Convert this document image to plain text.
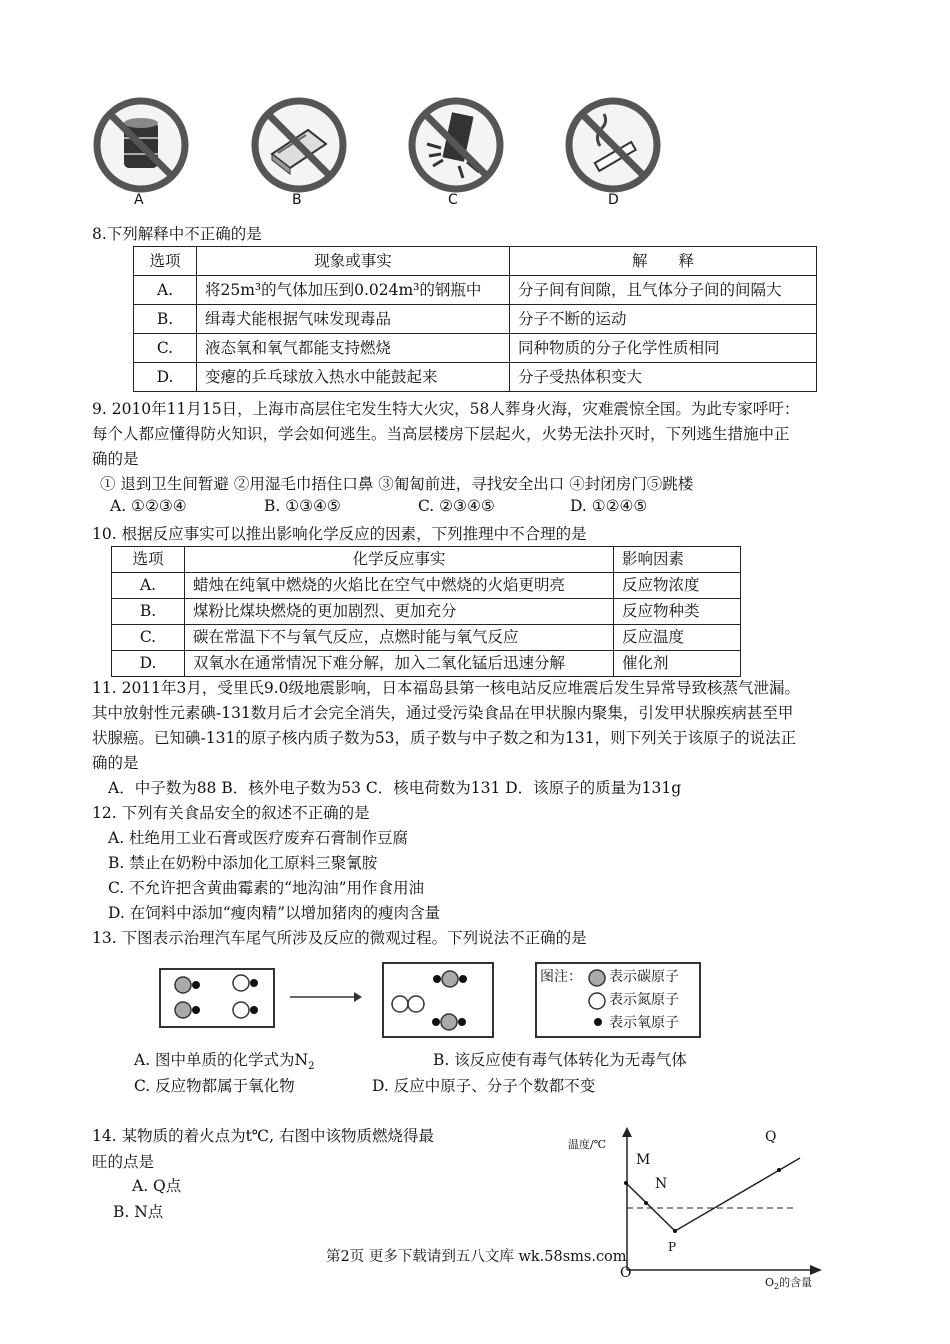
A	B	C	D
8.下列解释中不正确的是
选项	现象或事实	解　　释
A.	将25m³的气体加压到0.024m³的钢瓶中	分子间有间隙，且气体分子间的间隔大
B.	缉毒犬能根据气味发现毒品	分子不断的运动
C.	液态氧和氧气都能支持燃烧	同种物质的分子化学性质相同
D.	变瘪的乒乓球放入热水中能鼓起来	分子受热体积变大
9. 2010年11月15日，上海市高层住宅发生特大火灾，58人葬身火海，灾难震惊全国。为此专家呼吁：
每个人都应懂得防火知识，学会如何逃生。当高层楼房下层起火，火势无法扑灭时，下列逃生措施中正
确的是
① 退到卫生间暂避 ②用湿毛巾捂住口鼻 ③匍匐前进，寻找安全出口 ④封闭房门⑤跳楼
A. ①②③④	B. ①③④⑤	C. ②③④⑤	D. ①②④⑤
10. 根据反应事实可以推出影响化学反应的因素，下列推理中不合理的是
选项	化学反应事实	影响因素
A.	蜡烛在纯氧中燃烧的火焰比在空气中燃烧的火焰更明亮	反应物浓度
B.	煤粉比煤块燃烧的更加剧烈、更加充分	反应物种类
C.	碳在常温下不与氧气反应，点燃时能与氧气反应	反应温度
D.	双氧水在通常情况下难分解，加入二氧化锰后迅速分解	催化剂
11. 2011年3月，受里氏9.0级地震影响，日本福岛县第一核电站反应堆震后发生异常导致核蒸气泄漏。
其中放射性元素碘-131数月后才会完全消失，通过受污染食品在甲状腺内聚集，引发甲状腺疾病甚至甲
状腺癌。已知碘-131的原子核内质子数为53，质子数与中子数之和为131，则下列关于该原子的说法正
确的是
A．中子数为88 B．核外电子数为53 C．核电荷数为131 D．该原子的质量为131g
12. 下列有关食品安全的叙述不正确的是
A. 杜绝用工业石膏或医疗废弃石膏制作豆腐
B. 禁止在奶粉中添加化工原料三聚氰胺
C. 不允许把含黄曲霉素的“地沟油”用作食用油
D. 在饲料中添加“瘦肉精”以增加猪肉的瘦肉含量
13. 下图表示治理汽车尾气所涉及反应的微观过程。下列说法不正确的是
图注： 表示碳原子
表示氮原子
表示氧原子
A. 图中单质的化学式为$N_2$	B. 该反应使有毒气体转化为无毒气体
C. 反应物都属于氧化物	D. 反应中原子、分子个数都不变
14. 某物质的着火点为t℃, 右图中该物质燃烧得最
旺的点是
A. Q点
B. N点
温度/℃
M
N
P
Q
O
$O_2$的含量
第2页 更多下载请到五八文库 wk.58sms.com
